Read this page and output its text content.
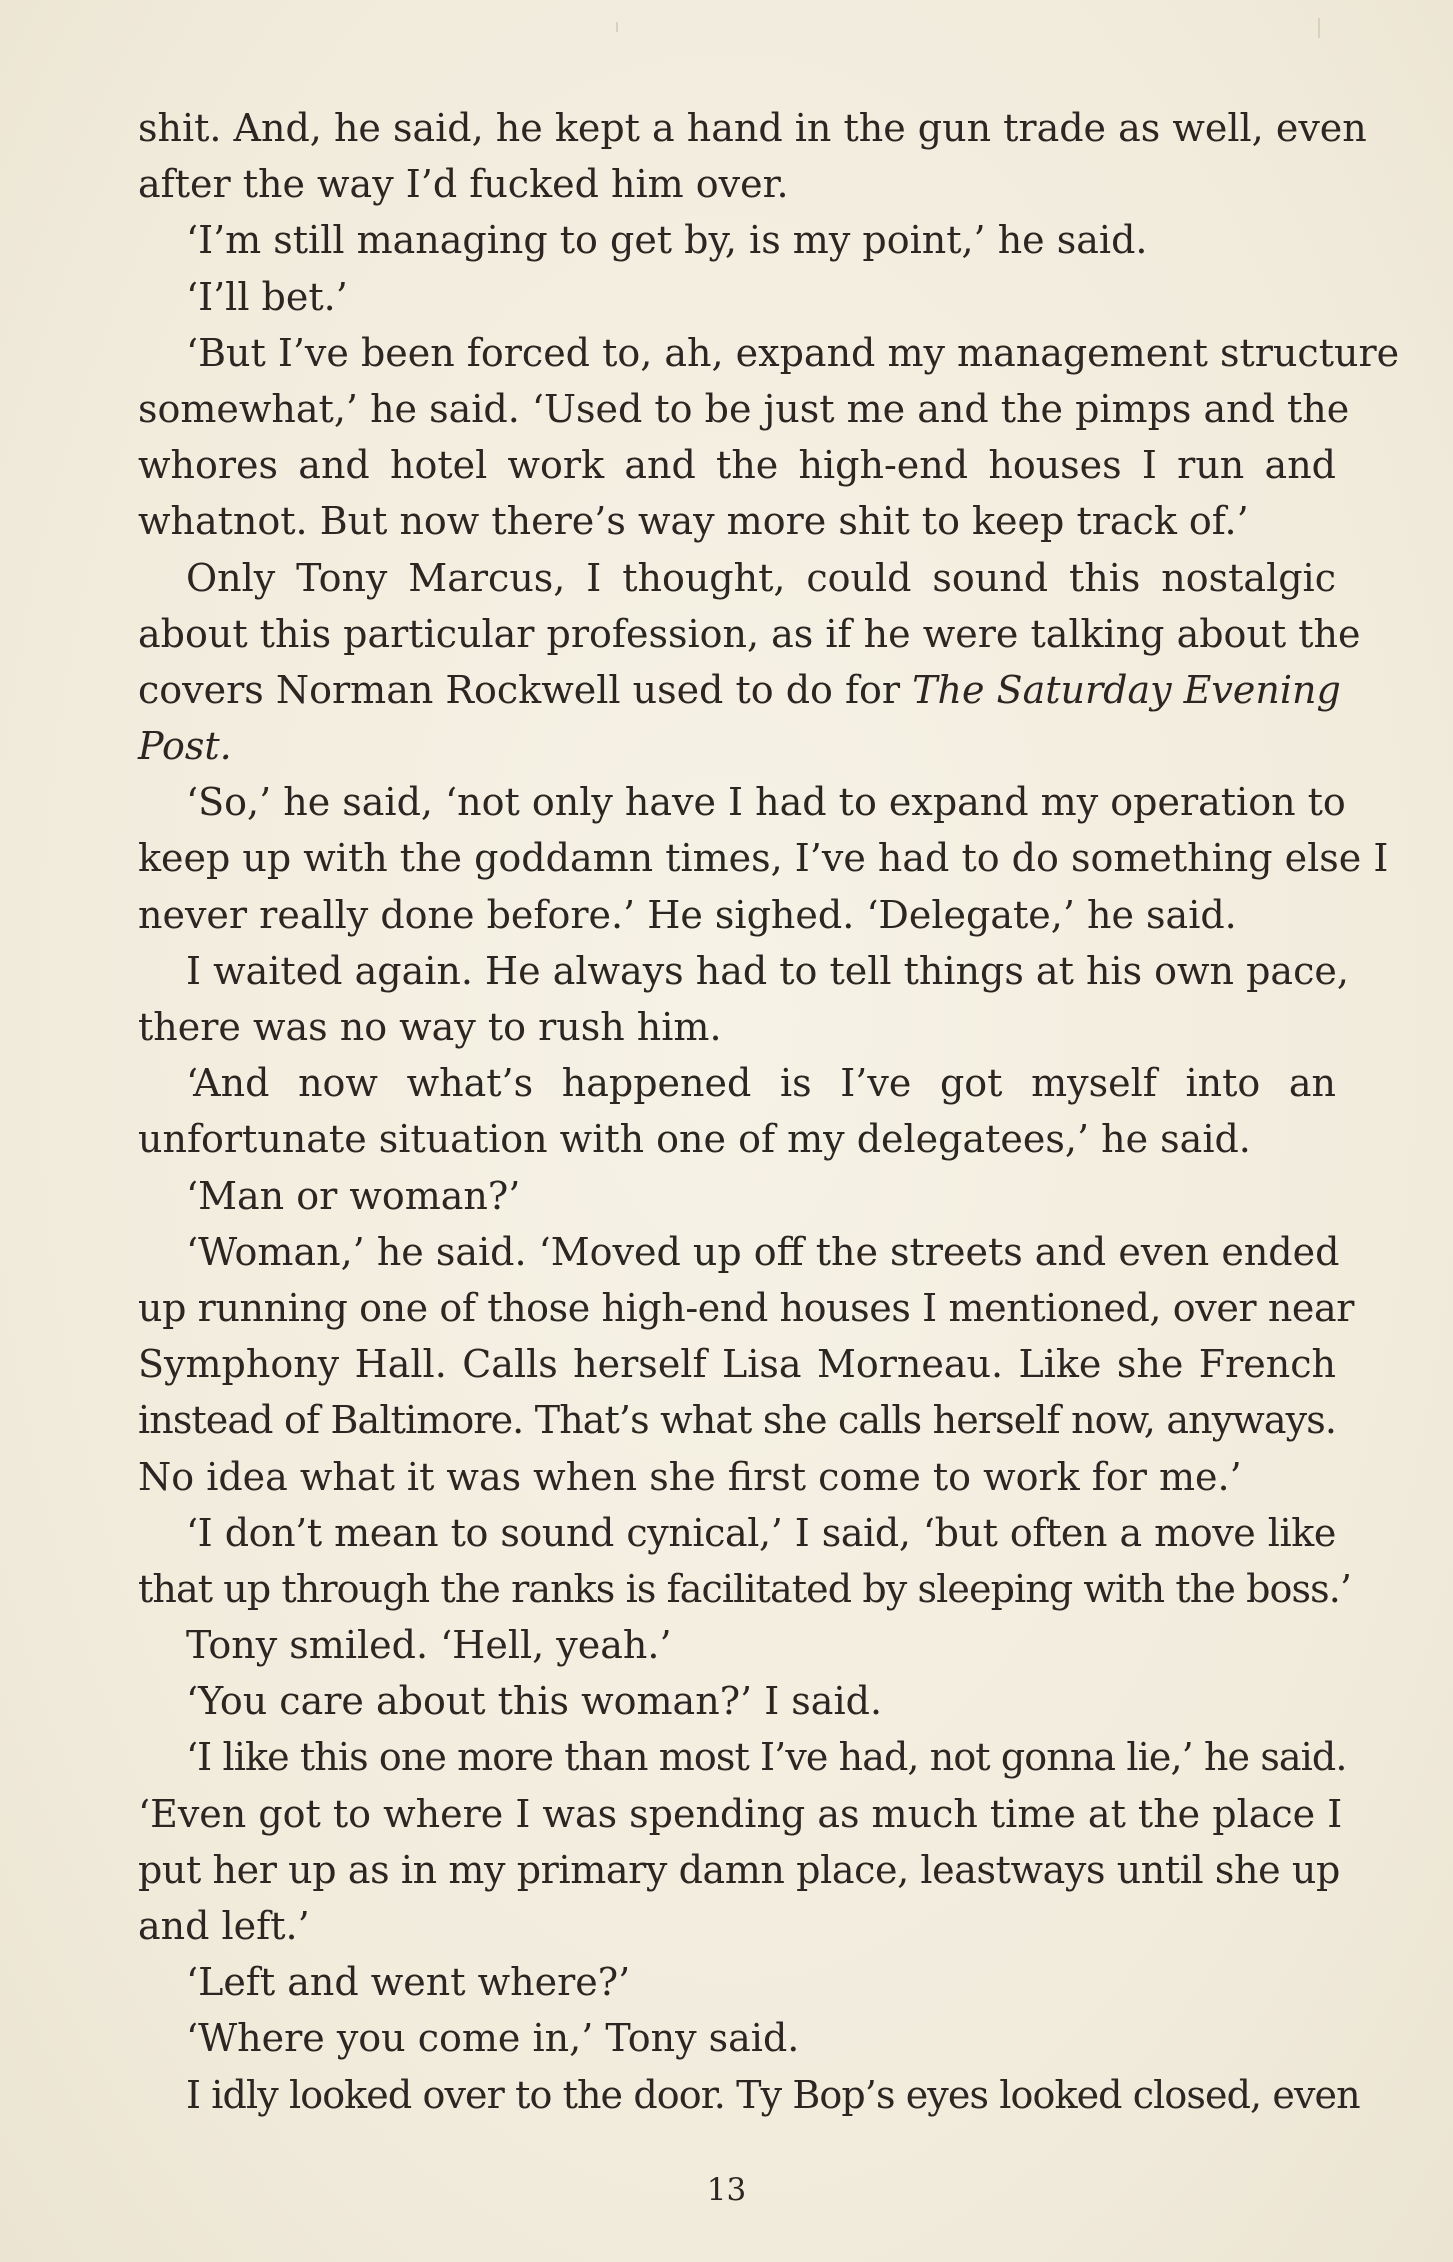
shit. And, he said, he kept a hand in the gun trade as well, even
after the way I’d fucked him over.
‘I’m still managing to get by, is my point,’ he said.
‘I’ll bet.’
‘But I’ve been forced to, ah, expand my management structure
somewhat,’ he said. ‘Used to be just me and the pimps and the
whores and hotel work and the high-end houses I run and
whatnot. But now there’s way more shit to keep track of.’
Only Tony Marcus, I thought, could sound this nostalgic
about this particular profession, as if he were talking about the
covers Norman Rockwell used to do for The Saturday Evening
Post.
‘So,’ he said, ‘not only have I had to expand my operation to
keep up with the goddamn times, I’ve had to do something else I
never really done before.’ He sighed. ‘Delegate,’ he said.
I waited again. He always had to tell things at his own pace,
there was no way to rush him.
‘And now what’s happened is I’ve got myself into an
unfortunate situation with one of my delegatees,’ he said.
‘Man or woman?’
‘Woman,’ he said. ‘Moved up off the streets and even ended
up running one of those high-end houses I mentioned, over near
Symphony Hall. Calls herself Lisa Morneau. Like she French
instead of Baltimore. That’s what she calls herself now, anyways.
No idea what it was when she first come to work for me.’
‘I don’t mean to sound cynical,’ I said, ‘but often a move like
that up through the ranks is facilitated by sleeping with the boss.’
Tony smiled. ‘Hell, yeah.’
‘You care about this woman?’ I said.
‘I like this one more than most I’ve had, not gonna lie,’ he said.
‘Even got to where I was spending as much time at the place I
put her up as in my primary damn place, leastways until she up
and left.’
‘Left and went where?’
‘Where you come in,’ Tony said.
I idly looked over to the door. Ty Bop’s eyes looked closed, even
13
